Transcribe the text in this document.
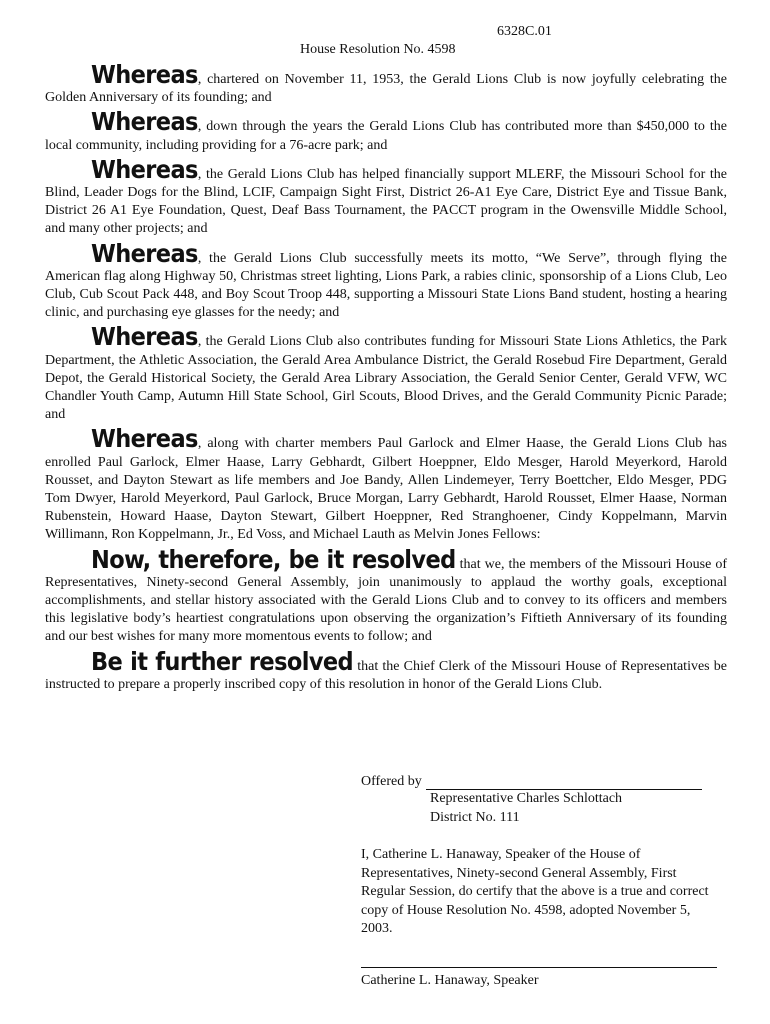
6328C.01
House Resolution No. 4598

Whereas, chartered on November 11, 1953, the Gerald Lions Club is now joyfully celebrating the Golden Anniversary of its founding; and

Whereas, down through the years the Gerald Lions Club has contributed more than $450,000 to the local community, including providing for a 76-acre park; and

Whereas, the Gerald Lions Club has helped financially support MLERF, the Missouri School for the Blind, Leader Dogs for the Blind, LCIF, Campaign Sight First, District 26-A1 Eye Care, District Eye and Tissue Bank, District 26 A1 Eye Foundation, Quest, Deaf Bass Tournament, the PACCT program in the Owensville Middle School, and many other projects; and

Whereas, the Gerald Lions Club successfully meets its motto, “We Serve”, through flying the American flag along Highway 50, Christmas street lighting, Lions Park, a rabies clinic, sponsorship of a Lions Club, Leo Club, Cub Scout Pack 448, and Boy Scout Troop 448, supporting a Missouri State Lions Band student, hosting a hearing clinic, and purchasing eye glasses for the needy; and

Whereas, the Gerald Lions Club also contributes funding for Missouri State Lions Athletics, the Park Department, the Athletic Association, the Gerald Area Ambulance District, the Gerald Rosebud Fire Department, Gerald Depot, the Gerald Historical Society, the Gerald Area Library Association, the Gerald Senior Center, Gerald VFW, WC Chandler Youth Camp, Autumn Hill State School, Girl Scouts, Blood Drives, and the Gerald Community Picnic Parade; and

Whereas, along with charter members Paul Garlock and Elmer Haase, the Gerald Lions Club has enrolled Paul Garlock, Elmer Haase, Larry Gebhardt, Gilbert Hoeppner, Eldo Mesger, Harold Meyerkord, Harold Rousset, and Dayton Stewart as life members and Joe Bandy, Allen Lindemeyer, Terry Boettcher, Eldo Mesger, PDG Tom Dwyer, Harold Meyerkord, Paul Garlock, Bruce Morgan, Larry Gebhardt, Harold Rousset, Elmer Haase, Norman Rubenstein, Howard Haase, Dayton Stewart, Gilbert Hoeppner, Red Stranghoener, Cindy Koppelmann, Marvin Willimann, Ron Koppelmann, Jr., Ed Voss, and Michael Lauth as Melvin Jones Fellows:

Now, therefore, be it resolved that we, the members of the Missouri House of Representatives, Ninety-second General Assembly, join unanimously to applaud the worthy goals, exceptional accomplishments, and stellar history associated with the Gerald Lions Club and to convey to its officers and members this legislative body’s heartiest congratulations upon observing the organization’s Fiftieth Anniversary of its founding and our best wishes for many more momentous events to follow; and

Be it further resolved that the Chief Clerk of the Missouri House of Representatives be instructed to prepare a properly inscribed copy of this resolution in honor of the Gerald Lions Club.

Offered by
Representative Charles Schlottach
District No. 111
I, Catherine L. Hanaway, Speaker of the House of Representatives, Ninety-second General Assembly, First Regular Session, do certify that the above is a true and correct copy of House Resolution No. 4598, adopted November 5, 2003.
Catherine L. Hanaway, Speaker
